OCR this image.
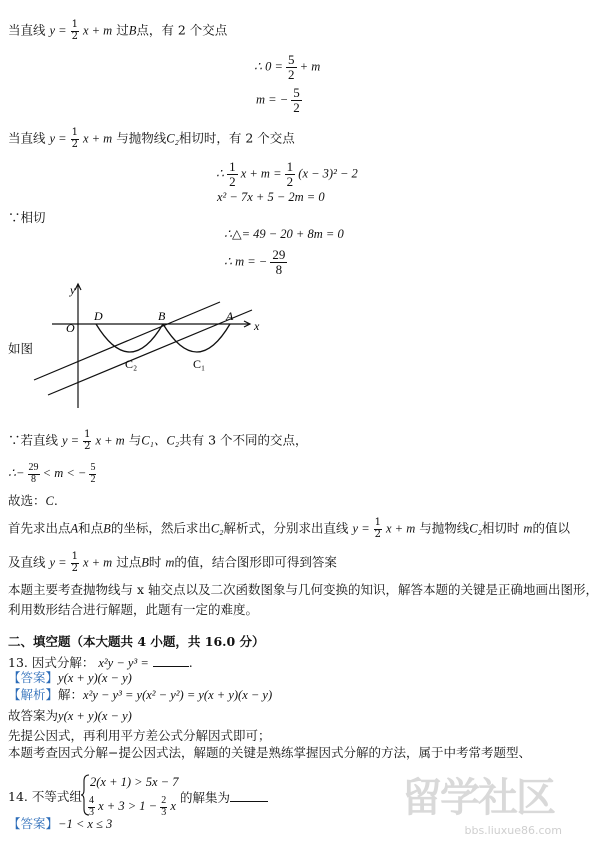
当直线 $y = \frac{1}{2}$ x + m 过B点，有 2 个交点
∴ $0 = \frac{5}{2} + m$
m = − $\frac{5}{2}$
当直线 $y = \frac{1}{2}$ x + m 与抛物线C₂相切时，有 2 个交点
∴ $\frac{1}{2}$ $x + m = \frac{1}{2} (x - 3)^2 - 2$
x² − 7x + 5 − 2m = 0
∵相切
∴△= 49 − 20 + 8m = 0
∴ m = − $\frac{29}{8}$
如图
y
x
O
D	B	A
C₂	C₁
∵若直线 $y = \frac{1}{2}$ x + m 与C₁、C₂共有 3 个不同的交点，
∴− $\frac{29}{8} < m$ < − $\frac{5}{2}$
故选：C.
首先求出点A和点B的坐标，然后求出C₂解析式，分别求出直线 $y = \frac{1}{2}$ x + m 与抛物线C₂相切时 m的值以
及直线 $y = \frac{1}{2}$ x + m 过点B时 m的值，结合图形即可得到答案
本题主要考查抛物线与 x 轴交点以及二次函数图象与几何变换的知识，解答本题的关键是正确地画出图形，
利用数形结合进行解题，此题有一定的难度。
二、填空题（本大题共 4 小题，共 16.0 分）
13. 因式分解： x²y − y³ =	.
【答案】y(x + y)(x − y)
【解析】解：x²y − y³ = y(x² − y²) = y(x + y)(x − y)
故答案为y(x + y)(x − y)
先提公因式，再利用平方差公式分解因式即可；
本题考查因式分解−提公因式法，解题的关键是熟练掌握因式分解的方法，属于中考常考题型、
14. 不等式组
2(x + 1) > 5x − 7
$\frac{4}{3}$ $x + 3 > 1 - \frac{2}{3}$ x
的解集为
【答案】−1 < x ≤ 3
留学社区
bbs.liuxue86.com
